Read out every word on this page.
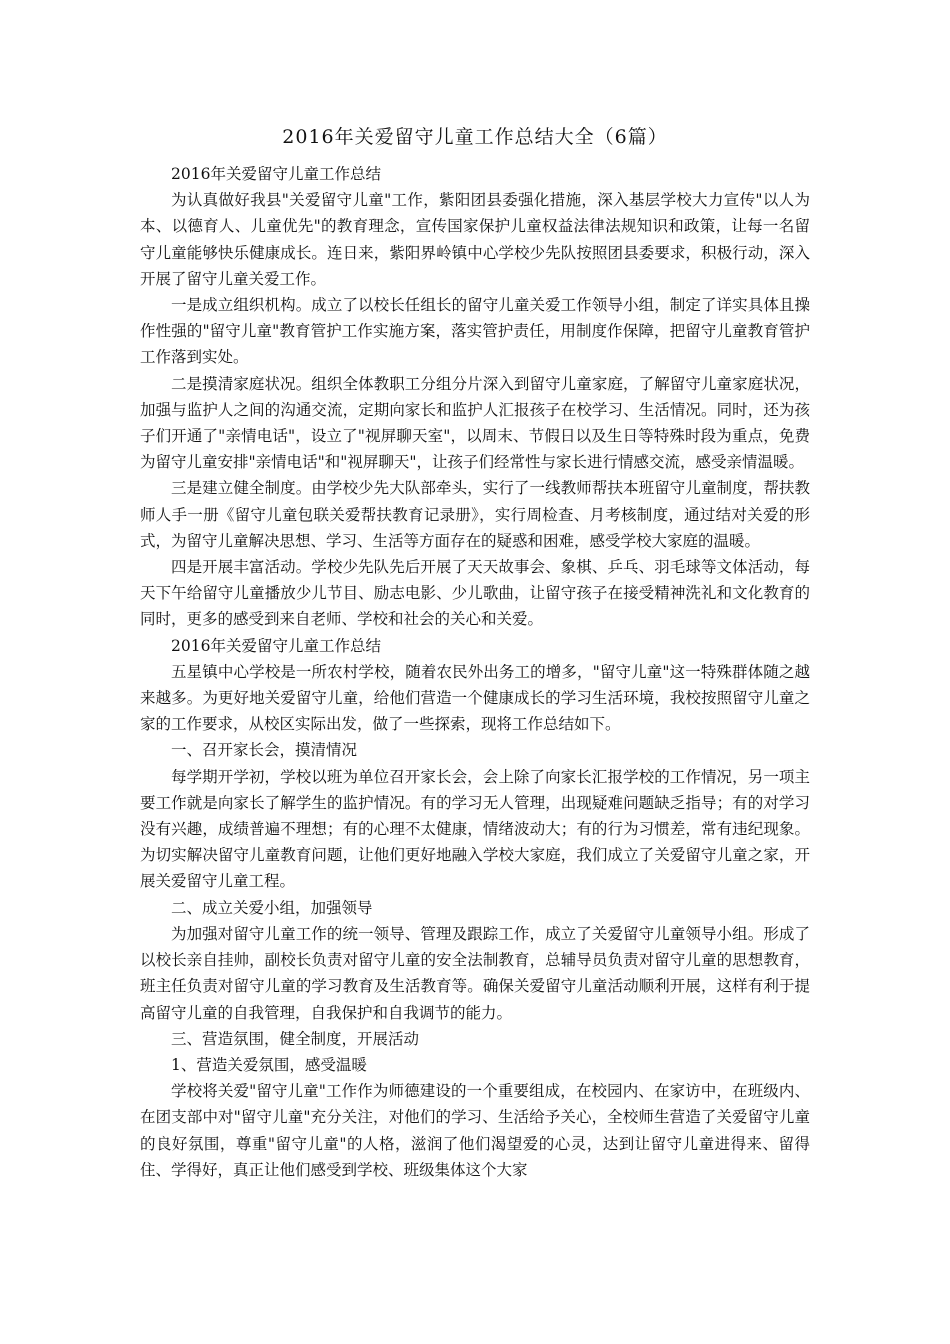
2016年关爱留守儿童工作总结大全（6篇）

2016年关爱留守儿童工作总结

为认真做好我县"关爱留守儿童"工作，紫阳团县委强化措施，深入基层学校大力宣传"以人为本、以德育人、儿童优先"的教育理念，宣传国家保护儿童权益法律法规知识和政策，让每一名留守儿童能够快乐健康成长。连日来，紫阳界岭镇中心学校少先队按照团县委要求，积极行动，深入开展了留守儿童关爱工作。

一是成立组织机构。成立了以校长任组长的留守儿童关爱工作领导小组，制定了详实具体且操作性强的"留守儿童"教育管护工作实施方案，落实管护责任，用制度作保障，把留守儿童教育管护工作落到实处。

二是摸清家庭状况。组织全体教职工分组分片深入到留守儿童家庭，了解留守儿童家庭状况，加强与监护人之间的沟通交流，定期向家长和监护人汇报孩子在校学习、生活情况。同时，还为孩子们开通了"亲情电话"，设立了"视屏聊天室"，以周末、节假日以及生日等特殊时段为重点，免费为留守儿童安排"亲情电话"和"视屏聊天"，让孩子们经常性与家长进行情感交流，感受亲情温暖。

三是建立健全制度。由学校少先大队部牵头，实行了一线教师帮扶本班留守儿童制度，帮扶教师人手一册《留守儿童包联关爱帮扶教育记录册》，实行周检查、月考核制度，通过结对关爱的形式，为留守儿童解决思想、学习、生活等方面存在的疑惑和困难，感受学校大家庭的温暖。

四是开展丰富活动。学校少先队先后开展了天天故事会、象棋、乒乓、羽毛球等文体活动，每天下午给留守儿童播放少儿节目、励志电影、少儿歌曲，让留守孩子在接受精神洗礼和文化教育的同时，更多的感受到来自老师、学校和社会的关心和关爱。

2016年关爱留守儿童工作总结

五星镇中心学校是一所农村学校，随着农民外出务工的增多，"留守儿童"这一特殊群体随之越来越多。为更好地关爱留守儿童，给他们营造一个健康成长的学习生活环境，我校按照留守儿童之家的工作要求，从校区实际出发，做了一些探索，现将工作总结如下。

一、召开家长会，摸清情况

每学期开学初，学校以班为单位召开家长会，会上除了向家长汇报学校的工作情况，另一项主要工作就是向家长了解学生的监护情况。有的学习无人管理，出现疑难问题缺乏指导；有的对学习没有兴趣，成绩普遍不理想；有的心理不太健康，情绪波动大；有的行为习惯差，常有违纪现象。为切实解决留守儿童教育问题，让他们更好地融入学校大家庭，我们成立了关爱留守儿童之家，开展关爱留守儿童工程。

二、成立关爱小组，加强领导

为加强对留守儿童工作的统一领导、管理及跟踪工作，成立了关爱留守儿童领导小组。形成了以校长亲自挂帅，副校长负责对留守儿童的安全法制教育，总辅导员负责对留守儿童的思想教育，班主任负责对留守儿童的学习教育及生活教育等。确保关爱留守儿童活动顺利开展，这样有利于提高留守儿童的自我管理，自我保护和自我调节的能力。

三、营造氛围，健全制度，开展活动

1、营造关爱氛围，感受温暖

学校将关爱"留守儿童"工作作为师德建设的一个重要组成，在校园内、在家访中，在班级内、在团支部中对"留守儿童"充分关注，对他们的学习、生活给予关心，全校师生营造了关爱留守儿童的良好氛围，尊重"留守儿童"的人格，滋润了他们渴望爱的心灵，达到让留守儿童进得来、留得住、学得好，真正让他们感受到学校、班级集体这个大家
